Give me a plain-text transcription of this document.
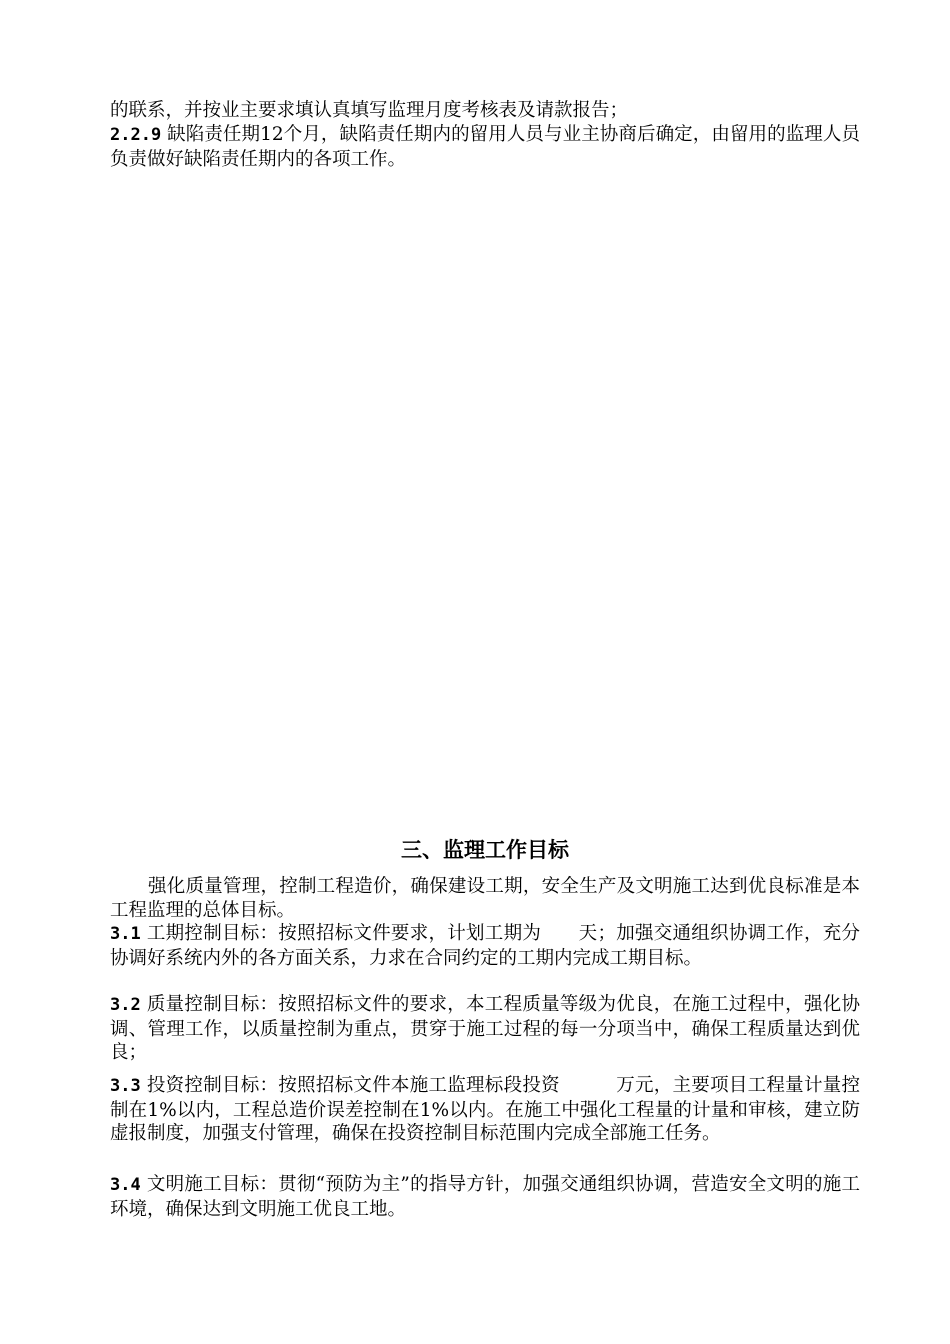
的联系，并按业主要求填认真填写监理月度考核表及请款报告；

2.2.9 缺陷责任期12个月，缺陷责任期内的留用人员与业主协商后确定，由留用的监理人员负责做好缺陷责任期内的各项工作。

三、监理工作目标

强化质量管理，控制工程造价，确保建设工期，安全生产及文明施工达到优良标准是本工程监理的总体目标。

3.1 工期控制目标：按照招标文件要求，计划工期为　　天；加强交通组织协调工作，充分协调好系统内外的各方面关系，力求在合同约定的工期内完成工期目标。

3.2 质量控制目标：按照招标文件的要求，本工程质量等级为优良，在施工过程中，强化协调、管理工作，以质量控制为重点，贯穿于施工过程的每一分项当中，确保工程质量达到优良；

3.3 投资控制目标：按照招标文件本施工监理标段投资　　　万元，主要项目工程量计量控制在1%以内，工程总造价误差控制在1%以内。在施工中强化工程量的计量和审核，建立防虚报制度，加强支付管理，确保在投资控制目标范围内完成全部施工任务。

3.4 文明施工目标：贯彻“预防为主”的指导方针，加强交通组织协调，营造安全文明的施工环境，确保达到文明施工优良工地。
